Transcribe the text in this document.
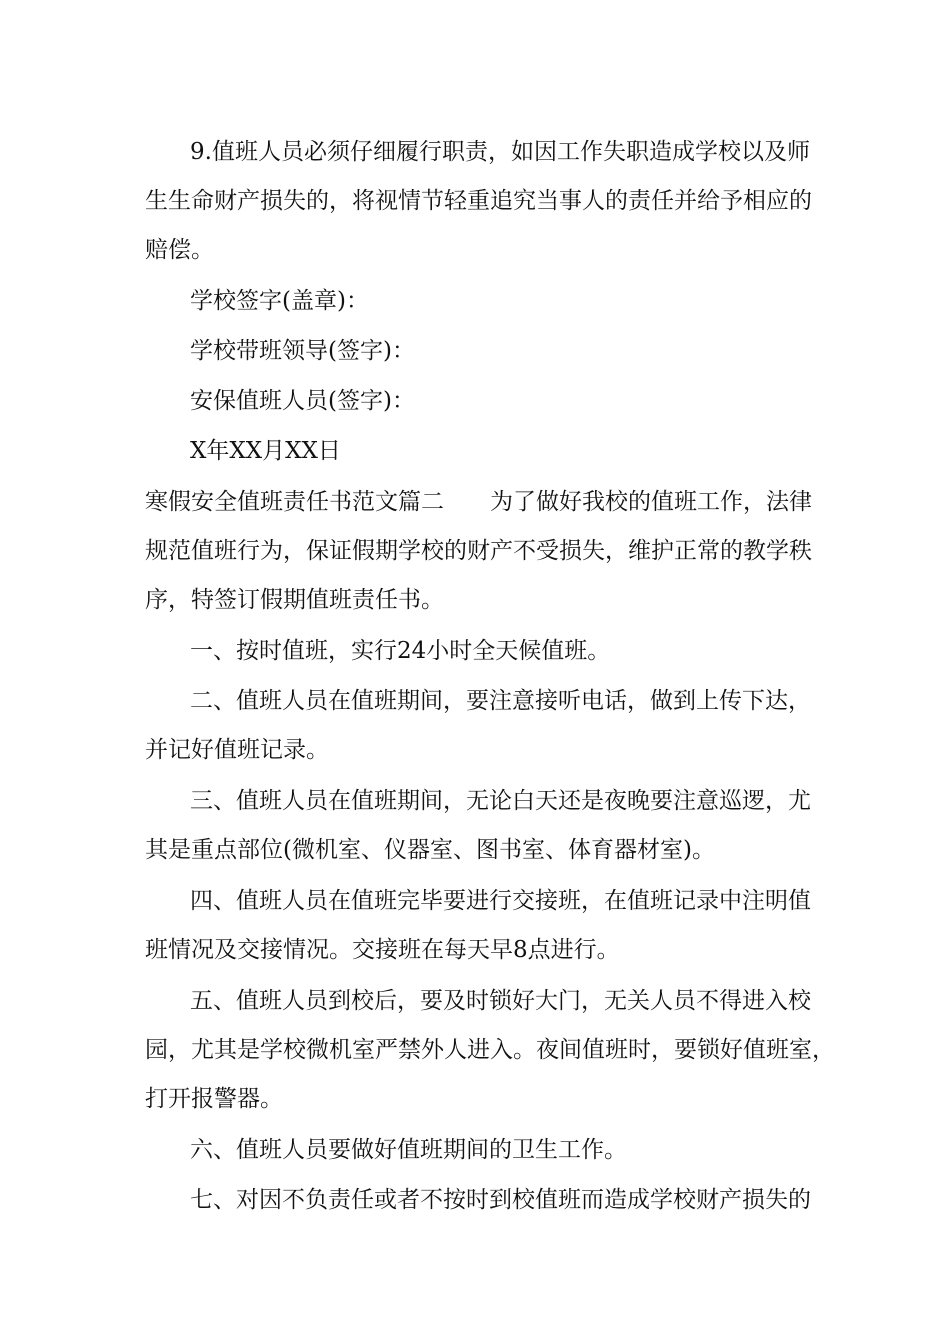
9.值班人员必须仔细履行职责，如因工作失职造成学校以及师
生生命财产损失的，将视情节轻重追究当事人的责任并给予相应的
赔偿。
学校签字(盖章)：
学校带班领导(签字)：
安保值班人员(签字)：
X年XX月XX日
寒假安全值班责任书范文篇二　　为了做好我校的值班工作，法律
规范值班行为，保证假期学校的财产不受损失，维护正常的教学秩
序，特签订假期值班责任书。
一、按时值班，实行24小时全天候值班。
二、值班人员在值班期间，要注意接听电话，做到上传下达，
并记好值班记录。
三、值班人员在值班期间，无论白天还是夜晚要注意巡逻，尤
其是重点部位(微机室、仪器室、图书室、体育器材室)。
四、值班人员在值班完毕要进行交接班，在值班记录中注明值
班情况及交接情况。交接班在每天早8点进行。
五、值班人员到校后，要及时锁好大门，无关人员不得进入校
园，尤其是学校微机室严禁外人进入。夜间值班时，要锁好值班室，
打开报警器。
六、值班人员要做好值班期间的卫生工作。
七、对因不负责任或者不按时到校值班而造成学校财产损失的
